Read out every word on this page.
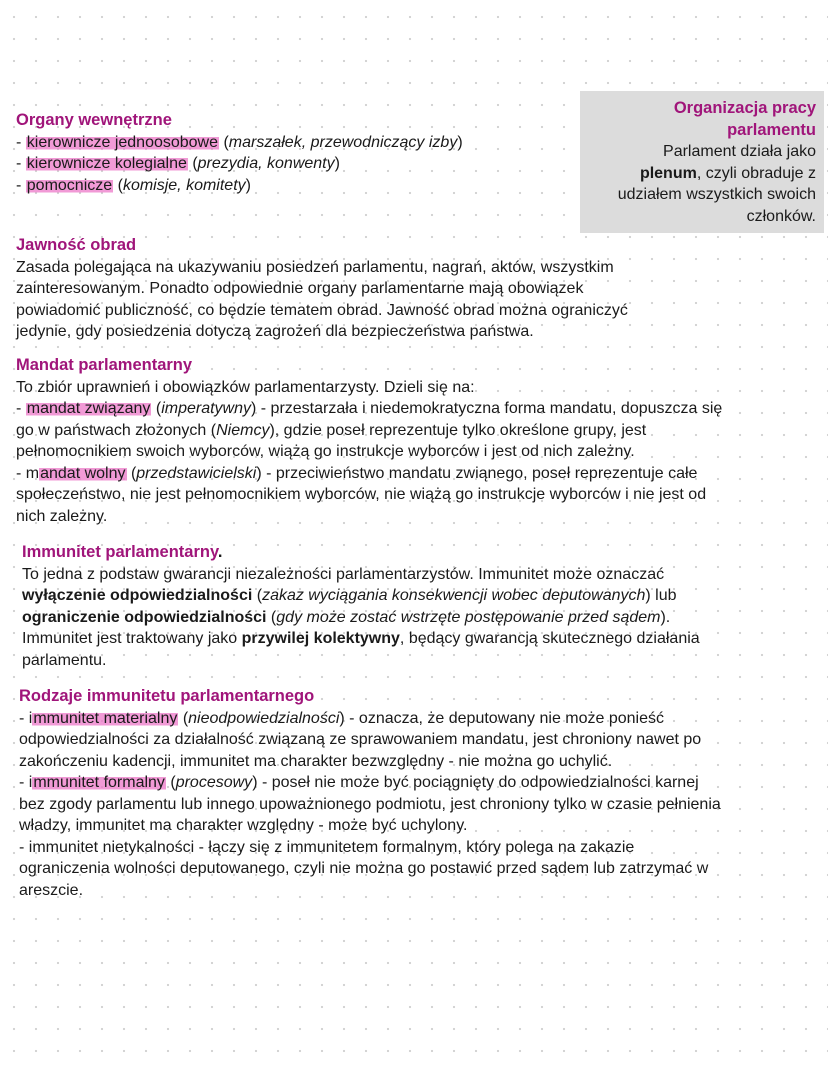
Organy wewnętrzne
- kierownicze jednoosobowe (marszałek, przewodniczący izby)
- kierownicze kolegialne (prezydia, konwenty)
- pomocnicze (komisje, komitety)
Organizacja pracy
parlamentu
Parlament działa jako
plenum, czyli obraduje z
udziałem wszystkich swoich
członków.
Jawność obrad
Zasada polegająca na ukazywaniu posiedzeń parlamentu, nagrań, aktów, wszystkim
zainteresowanym. Ponadto odpowiednie organy parlamentarne mają obowiązek
powiadomić publiczność, co będzie tematem obrad. Jawność obrad można ograniczyć
jedynie, gdy posiedzenia dotyczą zagrożeń dla bezpieczeństwa państwa.
Mandat parlamentarny
To zbiór uprawnień i obowiązków parlamentarzysty. Dzieli się na:
- mandat związany (imperatywny) - przestarzała i niedemokratyczna forma mandatu, dopuszcza się
go w państwach złożonych (Niemcy), gdzie poseł reprezentuje tylko określone grupy, jest
pełnomocnikiem swoich wyborców, wiążą go instrukcje wyborców i jest od nich zależny.
- mandat wolny (przedstawicielski) - przeciwieństwo mandatu zwiąnego, poseł reprezentuje całe
społeczeństwo, nie jest pełnomocnikiem wyborców, nie wiążą go instrukcje wyborców i nie jest od
nich zależny.
Immunitet parlamentarny.
To jedna z podstaw gwarancji niezależności parlamentarzystów. Immunitet może oznaczać
wyłączenie odpowiedzialności (zakaz wyciągania konsekwencji wobec deputowanych) lub
ograniczenie odpowiedzialności (gdy może zostać wstrzęte postępowanie przed sądem).
Immunitet jest traktowany jako przywilej kolektywny, będący gwarancją skutecznego działania
parlamentu.
Rodzaje immunitetu parlamentarnego
- immunitet materialny (nieodpowiedzialności) - oznacza, że deputowany nie może ponieść
odpowiedzialności za działalność związaną ze sprawowaniem mandatu, jest chroniony nawet po
zakończeniu kadencji, immunitet ma charakter bezwzględny - nie można go uchylić.
- immunitet formalny (procesowy) - poseł nie może być pociągnięty do odpowiedzialności karnej
bez zgody parlamentu lub innego upoważnionego podmiotu, jest chroniony tylko w czasie pełnienia
władzy, immunitet ma charakter względny - może być uchylony.
- immunitet nietykalności - łączy się z immunitetem formalnym, który polega na zakazie
ograniczenia wolności deputowanego, czyli nie można go postawić przed sądem lub zatrzymać w
areszcie.
